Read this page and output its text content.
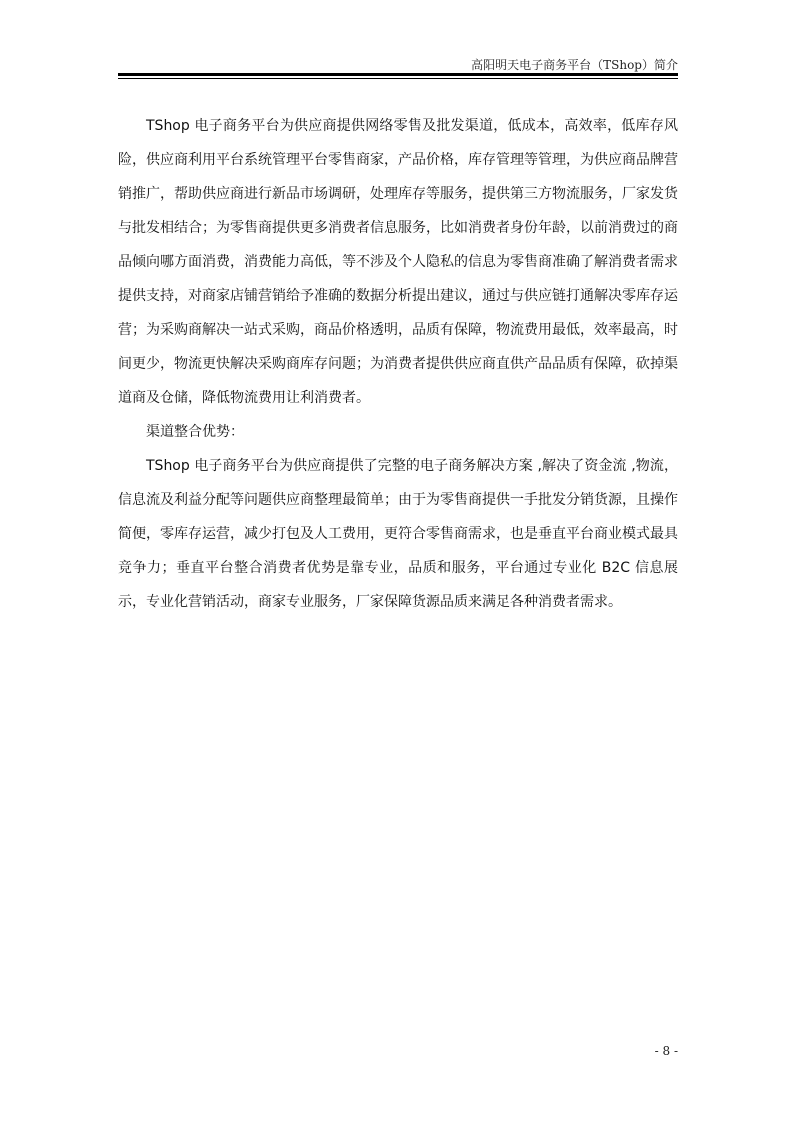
高阳明天电子商务平台（TShop）简介

TShop 电子商务平台为供应商提供网络零售及批发渠道，低成本，高效率，低库存风险，供应商利用平台系统管理平台零售商家，产品价格，库存管理等管理，为供应商品牌营销推广，帮助供应商进行新品市场调研，处理库存等服务，提供第三方物流服务，厂家发货与批发相结合；为零售商提供更多消费者信息服务，比如消费者身份年龄，以前消费过的商品倾向哪方面消费，消费能力高低，等不涉及个人隐私的信息为零售商准确了解消费者需求提供支持，对商家店铺营销给予准确的数据分析提出建议，通过与供应链打通解决零库存运营；为采购商解决一站式采购，商品价格透明，品质有保障，物流费用最低，效率最高，时间更少，物流更快解决采购商库存问题；为消费者提供供应商直供产品品质有保障，砍掉渠道商及仓储，降低物流费用让利消费者。

渠道整合优势：

TShop 电子商务平台为供应商提供了完整的电子商务解决方案 ,解决了资金流 ,物流，信息流及利益分配等问题供应商整理最简单；由于为零售商提供一手批发分销货源，且操作简便，零库存运营，减少打包及人工费用，更符合零售商需求，也是垂直平台商业模式最具竞争力；垂直平台整合消费者优势是靠专业，品质和服务，平台通过专业化 B2C 信息展示，专业化营销活动，商家专业服务，厂家保障货源品质来满足各种消费者需求。

- 8 -
